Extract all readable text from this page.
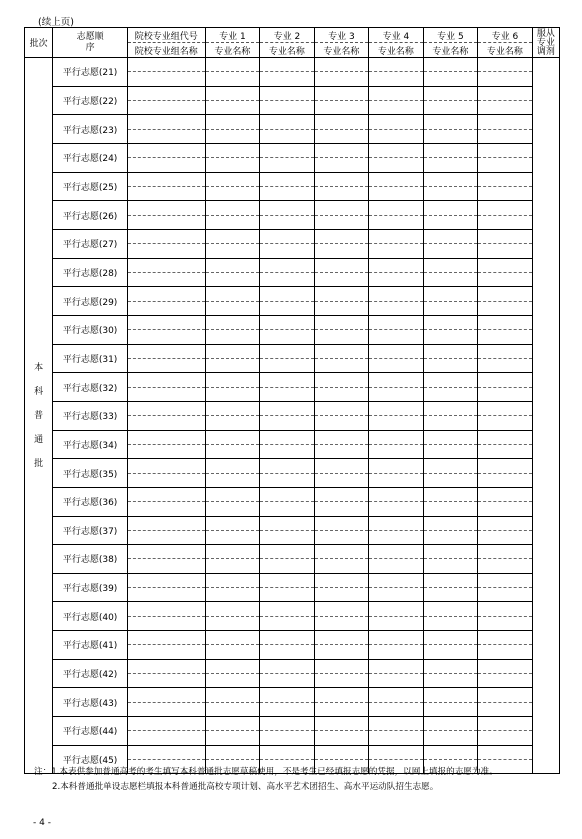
(续上页)
批次	志愿顺序	院校专业组代号	专业 1	专业 2	专业 3	专业 4	专业 5	专业 6	服从专业调剂
		院校专业组名称	专业名称	专业名称	专业名称	专业名称	专业名称	专业名称	
本科普通批	平行志愿(21)								

	平行志愿(22)								

	平行志愿(23)								

	平行志愿(24)								

	平行志愿(25)								

	平行志愿(26)								

	平行志愿(27)								

	平行志愿(28)								

	平行志愿(29)								

	平行志愿(30)								

	平行志愿(31)								

	平行志愿(32)								

	平行志愿(33)								

	平行志愿(34)								

	平行志愿(35)								

	平行志愿(36)								

	平行志愿(37)								

	平行志愿(38)								

	平行志愿(39)								

	平行志愿(40)								

	平行志愿(41)								

	平行志愿(42)								

	平行志愿(43)								

	平行志愿(44)								

	平行志愿(45)								

注：1.本表供参加普通高考的考生填写本科普通批志愿草稿使用，不是考生已经填报志愿的凭据，以网上填报的志愿为准。
2.本科普通批单设志愿栏填报本科普通批高校专项计划、高水平艺术团招生、高水平运动队招生志愿。
- 4 -
